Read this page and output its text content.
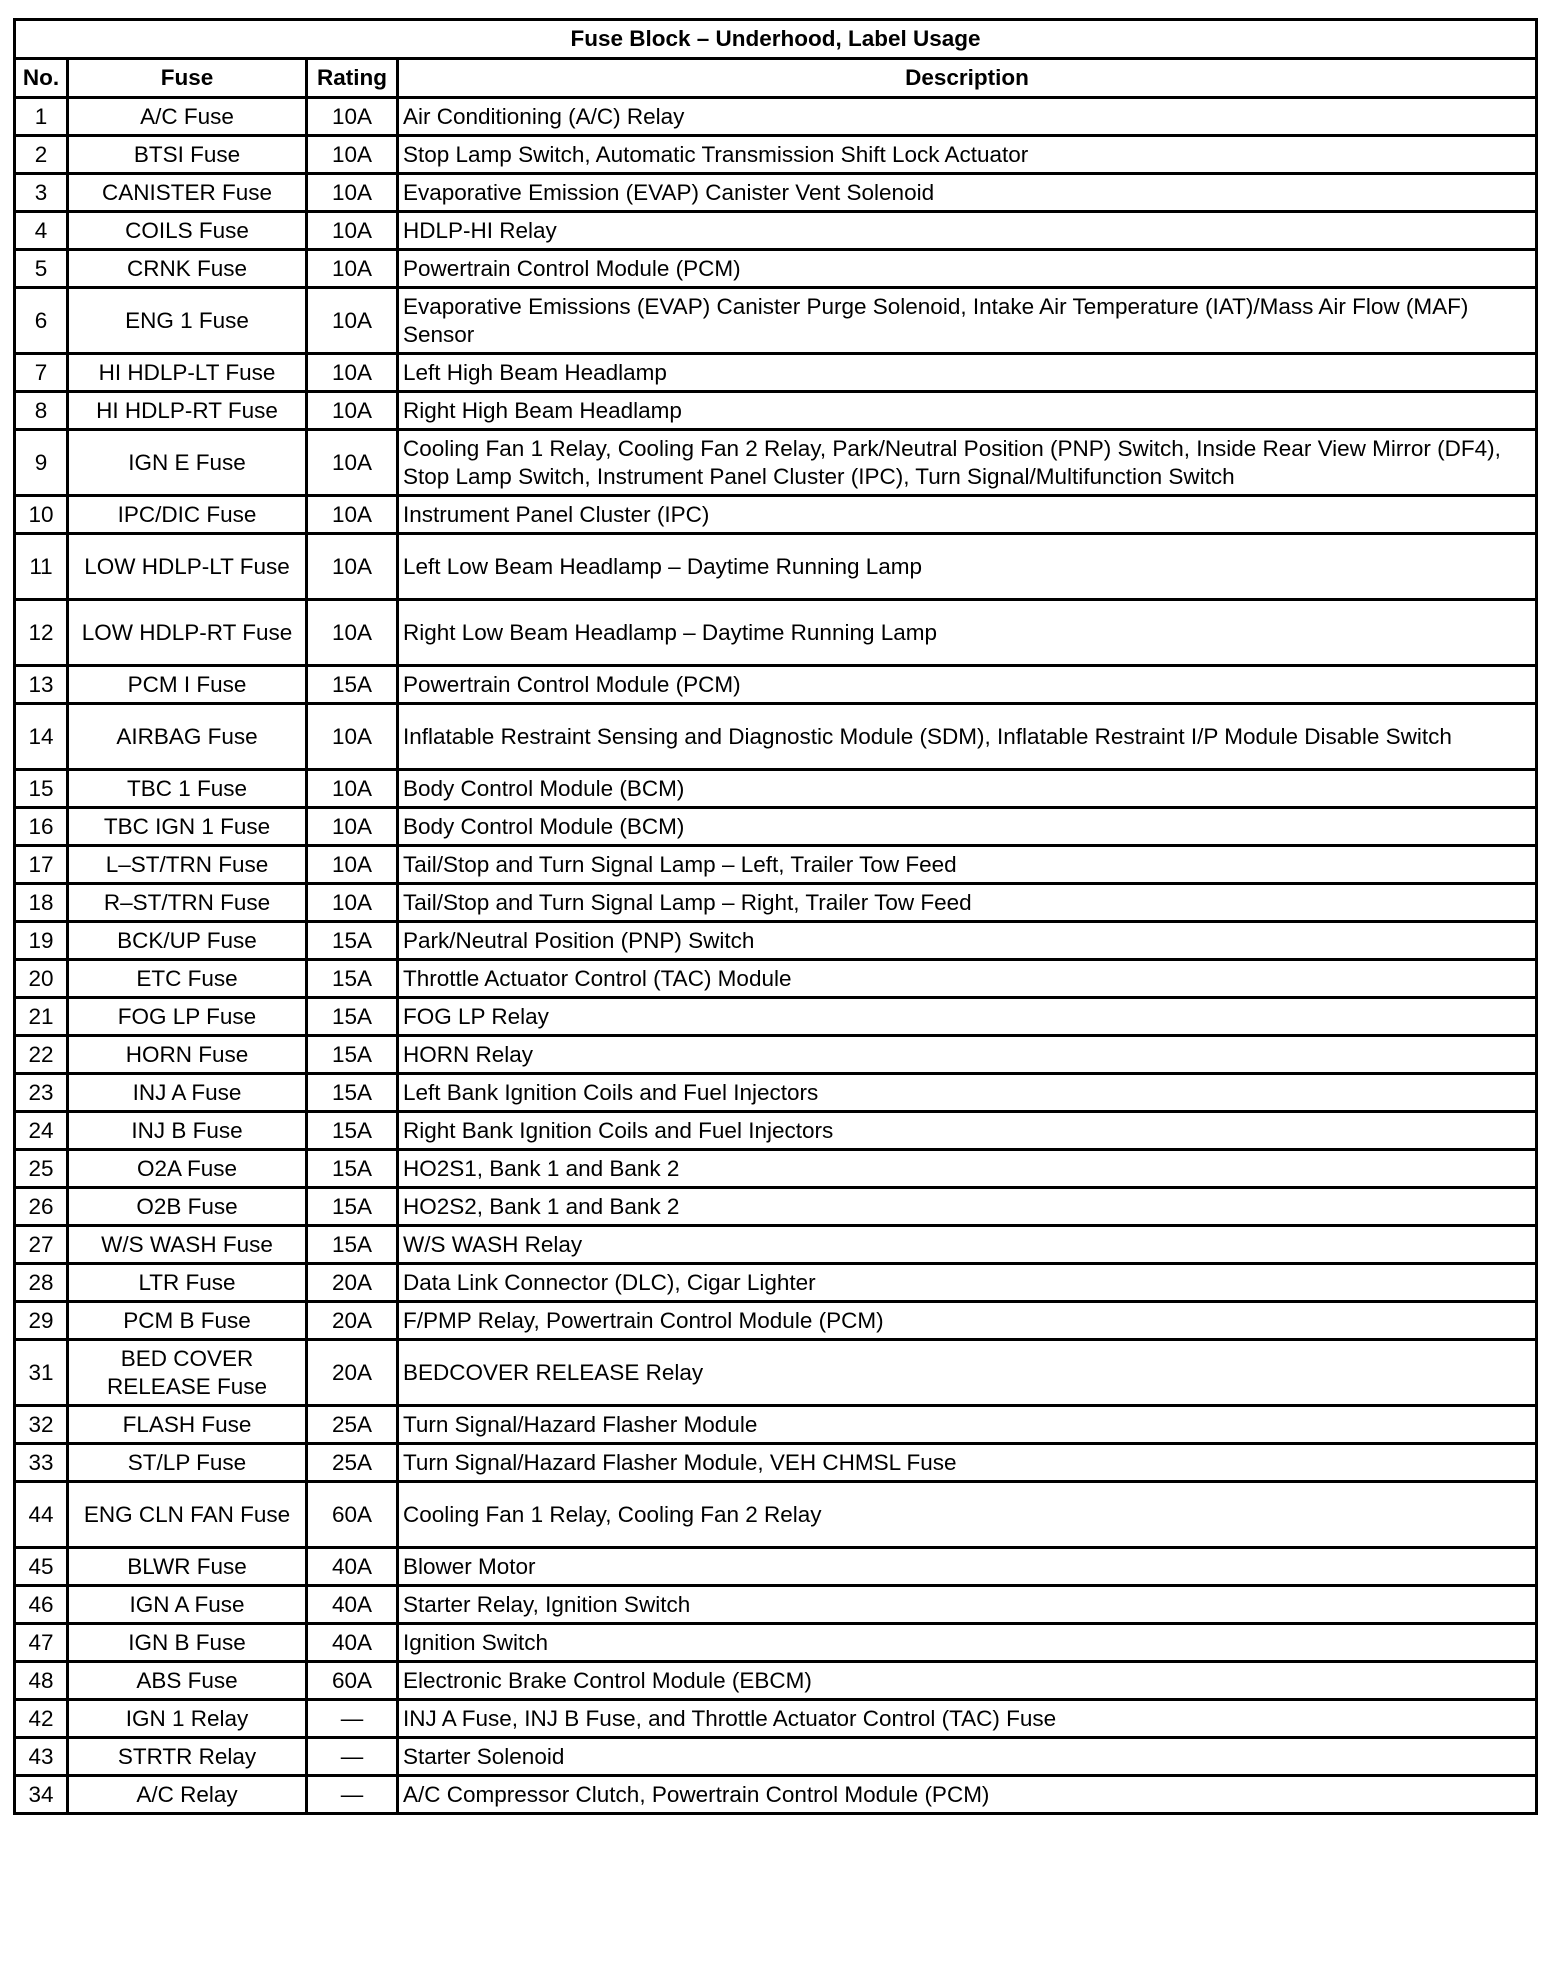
Fuse Block – Underhood, Label Usage			
No.	Fuse	Rating	Description
1	A/C Fuse	10A	Air Conditioning (A/C) Relay
2	BTSI Fuse	10A	Stop Lamp Switch, Automatic Transmission Shift Lock Actuator
3	CANISTER Fuse	10A	Evaporative Emission (EVAP) Canister Vent Solenoid
4	COILS Fuse	10A	HDLP-HI Relay
5	CRNK Fuse	10A	Powertrain Control Module (PCM)
6	ENG 1 Fuse	10A	Evaporative Emissions (EVAP) Canister Purge Solenoid, Intake Air Temperature (IAT)/Mass Air Flow (MAF) Sensor
7	HI HDLP-LT Fuse	10A	Left High Beam Headlamp
8	HI HDLP-RT Fuse	10A	Right High Beam Headlamp
9	IGN E Fuse	10A	Cooling Fan 1 Relay, Cooling Fan 2 Relay, Park/Neutral Position (PNP) Switch, Inside Rear View Mirror (DF4), Stop Lamp Switch, Instrument Panel Cluster (IPC), Turn Signal/Multifunction Switch
10	IPC/DIC Fuse	10A	Instrument Panel Cluster (IPC)
11	LOW HDLP-LT Fuse	10A	Left Low Beam Headlamp – Daytime Running Lamp
12	LOW HDLP-RT Fuse	10A	Right Low Beam Headlamp – Daytime Running Lamp
13	PCM I Fuse	15A	Powertrain Control Module (PCM)
14	AIRBAG Fuse	10A	Inflatable Restraint Sensing and Diagnostic Module (SDM), Inflatable Restraint I/P Module Disable Switch
15	TBC 1 Fuse	10A	Body Control Module (BCM)
16	TBC IGN 1 Fuse	10A	Body Control Module (BCM)
17	L–ST/TRN Fuse	10A	Tail/Stop and Turn Signal Lamp – Left, Trailer Tow Feed
18	R–ST/TRN Fuse	10A	Tail/Stop and Turn Signal Lamp – Right, Trailer Tow Feed
19	BCK/UP Fuse	15A	Park/Neutral Position (PNP) Switch
20	ETC Fuse	15A	Throttle Actuator Control (TAC) Module
21	FOG LP Fuse	15A	FOG LP Relay
22	HORN Fuse	15A	HORN Relay
23	INJ A Fuse	15A	Left Bank Ignition Coils and Fuel Injectors
24	INJ B Fuse	15A	Right Bank Ignition Coils and Fuel Injectors
25	O2A Fuse	15A	HO2S1, Bank 1 and Bank 2
26	O2B Fuse	15A	HO2S2, Bank 1 and Bank 2
27	W/S WASH Fuse	15A	W/S WASH Relay
28	LTR Fuse	20A	Data Link Connector (DLC), Cigar Lighter
29	PCM B Fuse	20A	F/PMP Relay, Powertrain Control Module (PCM)
31	BED COVER RELEASE Fuse	20A	BEDCOVER RELEASE Relay
32	FLASH Fuse	25A	Turn Signal/Hazard Flasher Module
33	ST/LP Fuse	25A	Turn Signal/Hazard Flasher Module, VEH CHMSL Fuse
44	ENG CLN FAN Fuse	60A	Cooling Fan 1 Relay, Cooling Fan 2 Relay
45	BLWR Fuse	40A	Blower Motor
46	IGN A Fuse	40A	Starter Relay, Ignition Switch
47	IGN B Fuse	40A	Ignition Switch
48	ABS Fuse	60A	Electronic Brake Control Module (EBCM)
42	IGN 1 Relay	—	INJ A Fuse, INJ B Fuse, and Throttle Actuator Control (TAC) Fuse
43	STRTR Relay	—	Starter Solenoid
34	A/C Relay	—	A/C Compressor Clutch, Powertrain Control Module (PCM)
